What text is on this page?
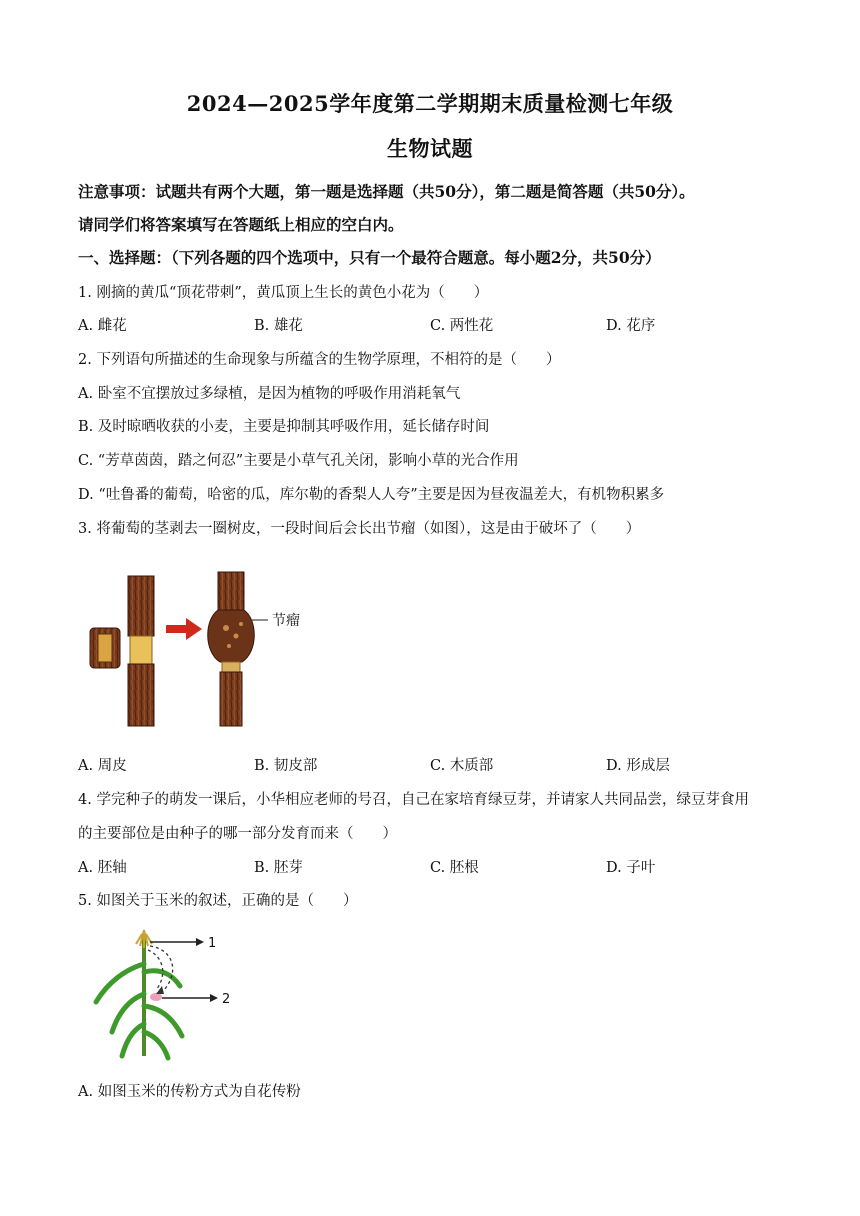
2024—2025学年度第二学期期末质量检测七年级
生物试题
注意事项：试题共有两个大题，第一题是选择题（共50分），第二题是简答题（共50分）。
请同学们将答案填写在答题纸上相应的空白内。
一、选择题：（下列各题的四个选项中，只有一个最符合题意。每小题2分，共50分）
1. 刚摘的黄瓜“顶花带刺”，黄瓜顶上生长的黄色小花为（　　）
A. 雌花	B. 雄花	C. 两性花	D. 花序
2. 下列语句所描述的生命现象与所蕴含的生物学原理，不相符的是（　　）
A. 卧室不宜摆放过多绿植，是因为植物的呼吸作用消耗氧气
B. 及时晾晒收获的小麦，主要是抑制其呼吸作用，延长储存时间
C. “芳草茵茵，踏之何忍”主要是小草气孔关闭，影响小草的光合作用
D. “吐鲁番的葡萄，哈密的瓜，库尔勒的香梨人人夸”主要是因为昼夜温差大，有机物积累多
3. 将葡萄的茎剥去一圈树皮，一段时间后会长出节瘤（如图），这是由于破坏了（　　）
节瘤
A. 周皮	B. 韧皮部	C. 木质部	D. 形成层
4. 学完种子的萌发一课后，小华相应老师的号召，自己在家培育绿豆芽，并请家人共同品尝，绿豆芽食用
的主要部位是由种子的哪一部分发育而来（　　）
A. 胚轴	B. 胚芽	C. 胚根	D. 子叶
5. 如图关于玉米的叙述，正确的是（　　）
1
2
A. 如图玉米的传粉方式为自花传粉
